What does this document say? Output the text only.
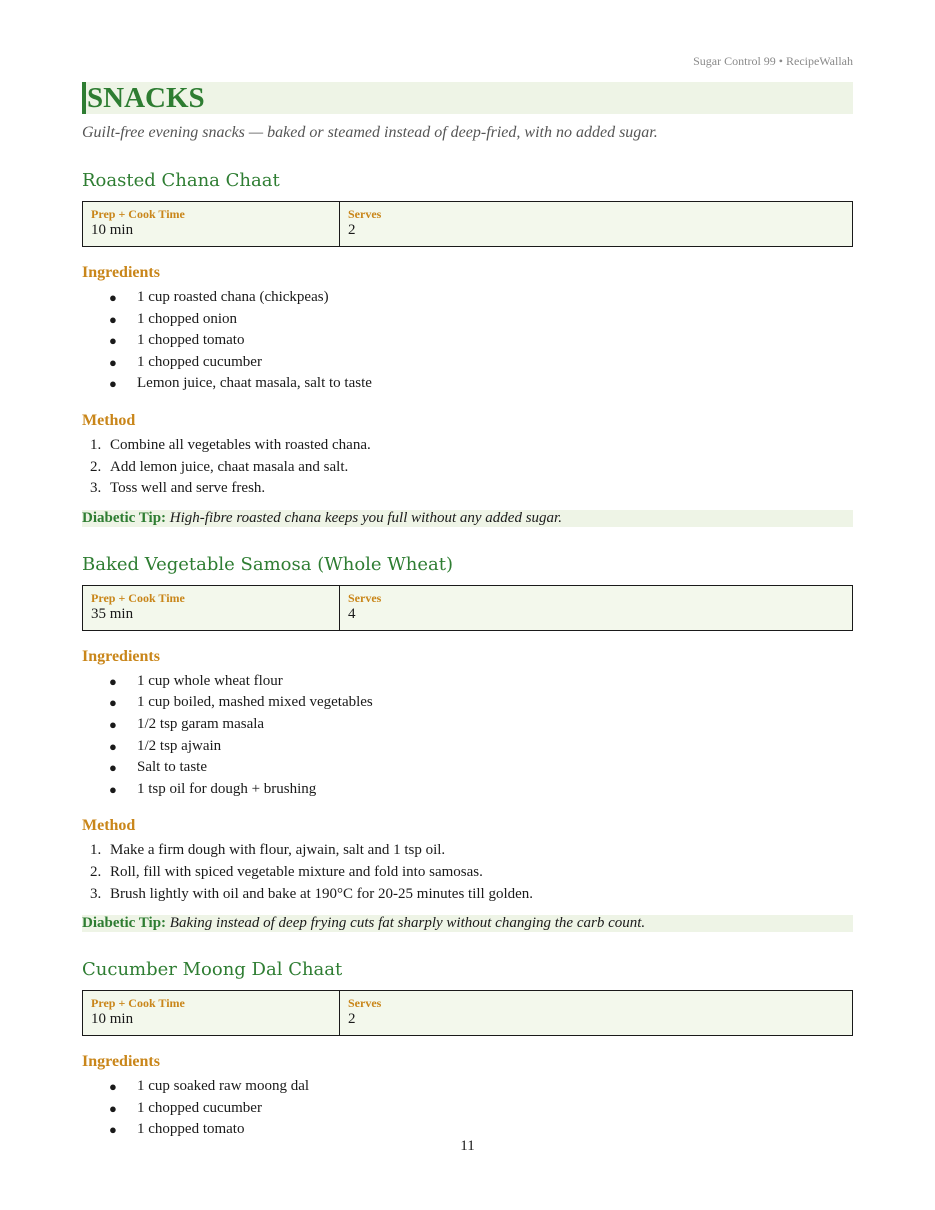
Sugar Control 99 • RecipeWallah
SNACKS
Guilt-free evening snacks — baked or steamed instead of deep-fried, with no added sugar.
Roasted Chana Chaat
Prep + Cook Time
10 min
Serves
2
Ingredients
● 1 cup roasted chana (chickpeas)
● 1 chopped onion
● 1 chopped tomato
● 1 chopped cucumber
● Lemon juice, chaat masala, salt to taste
Method
1. Combine all vegetables with roasted chana.
2. Add lemon juice, chaat masala and salt.
3. Toss well and serve fresh.
Diabetic Tip: High-fibre roasted chana keeps you full without any added sugar.
Baked Vegetable Samosa (Whole Wheat)
Prep + Cook Time
35 min
Serves
4
Ingredients
● 1 cup whole wheat flour
● 1 cup boiled, mashed mixed vegetables
● 1/2 tsp garam masala
● 1/2 tsp ajwain
● Salt to taste
● 1 tsp oil for dough + brushing
Method
1. Make a firm dough with flour, ajwain, salt and 1 tsp oil.
2. Roll, fill with spiced vegetable mixture and fold into samosas.
3. Brush lightly with oil and bake at 190°C for 20-25 minutes till golden.
Diabetic Tip: Baking instead of deep frying cuts fat sharply without changing the carb count.
Cucumber Moong Dal Chaat
Prep + Cook Time
10 min
Serves
2
Ingredients
● 1 cup soaked raw moong dal
● 1 chopped cucumber
● 1 chopped tomato
11
